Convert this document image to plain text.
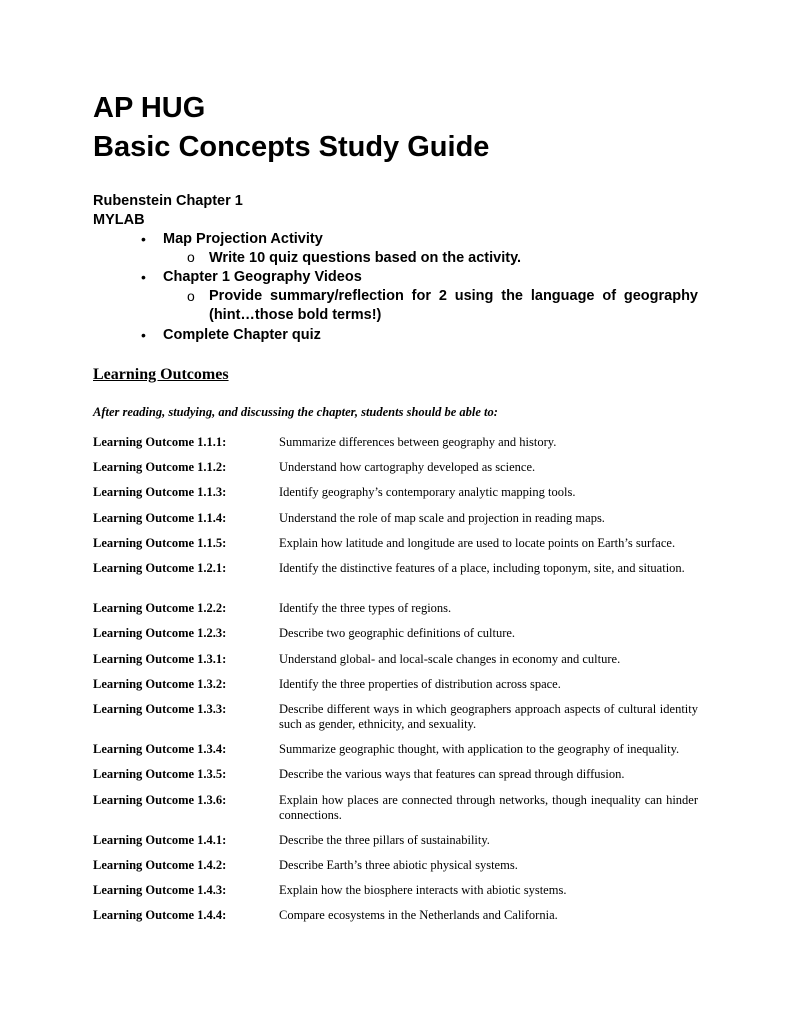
AP HUG
Basic Concepts Study Guide
Rubenstein Chapter 1
MYLAB
• Map Projection Activity
o Write 10 quiz questions based on the activity.
• Chapter 1 Geography Videos
o Provide summary/reflection for 2 using the language of geography (hint…those bold terms!)
• Complete Chapter quiz
Learning Outcomes
After reading, studying, and discussing the chapter, students should be able to:
Learning Outcome 1.1.1:	Summarize differences between geography and history.
Learning Outcome 1.1.2:	Understand how cartography developed as science.
Learning Outcome 1.1.3:	Identify geography’s contemporary analytic mapping tools.
Learning Outcome 1.1.4:	Understand the role of map scale and projection in reading maps.
Learning Outcome 1.1.5:	Explain how latitude and longitude are used to locate points on Earth’s surface.
Learning Outcome 1.2.1:	Identify the distinctive features of a place, including toponym, site, and situation.
Learning Outcome 1.2.2:	Identify the three types of regions.
Learning Outcome 1.2.3:	Describe two geographic definitions of culture.
Learning Outcome 1.3.1:	Understand global- and local-scale changes in economy and culture.
Learning Outcome 1.3.2:	Identify the three properties of distribution across space.
Learning Outcome 1.3.3:	Describe different ways in which geographers approach aspects of cultural identity such as gender, ethnicity, and sexuality.
Learning Outcome 1.3.4:	Summarize geographic thought, with application to the geography of inequality.
Learning Outcome 1.3.5:	Describe the various ways that features can spread through diffusion.
Learning Outcome 1.3.6:	Explain how places are connected through networks, though inequality can hinder connections.
Learning Outcome 1.4.1:	Describe the three pillars of sustainability.
Learning Outcome 1.4.2:	Describe Earth’s three abiotic physical systems.
Learning Outcome 1.4.3:	Explain how the biosphere interacts with abiotic systems.
Learning Outcome 1.4.4:	Compare ecosystems in the Netherlands and California.
